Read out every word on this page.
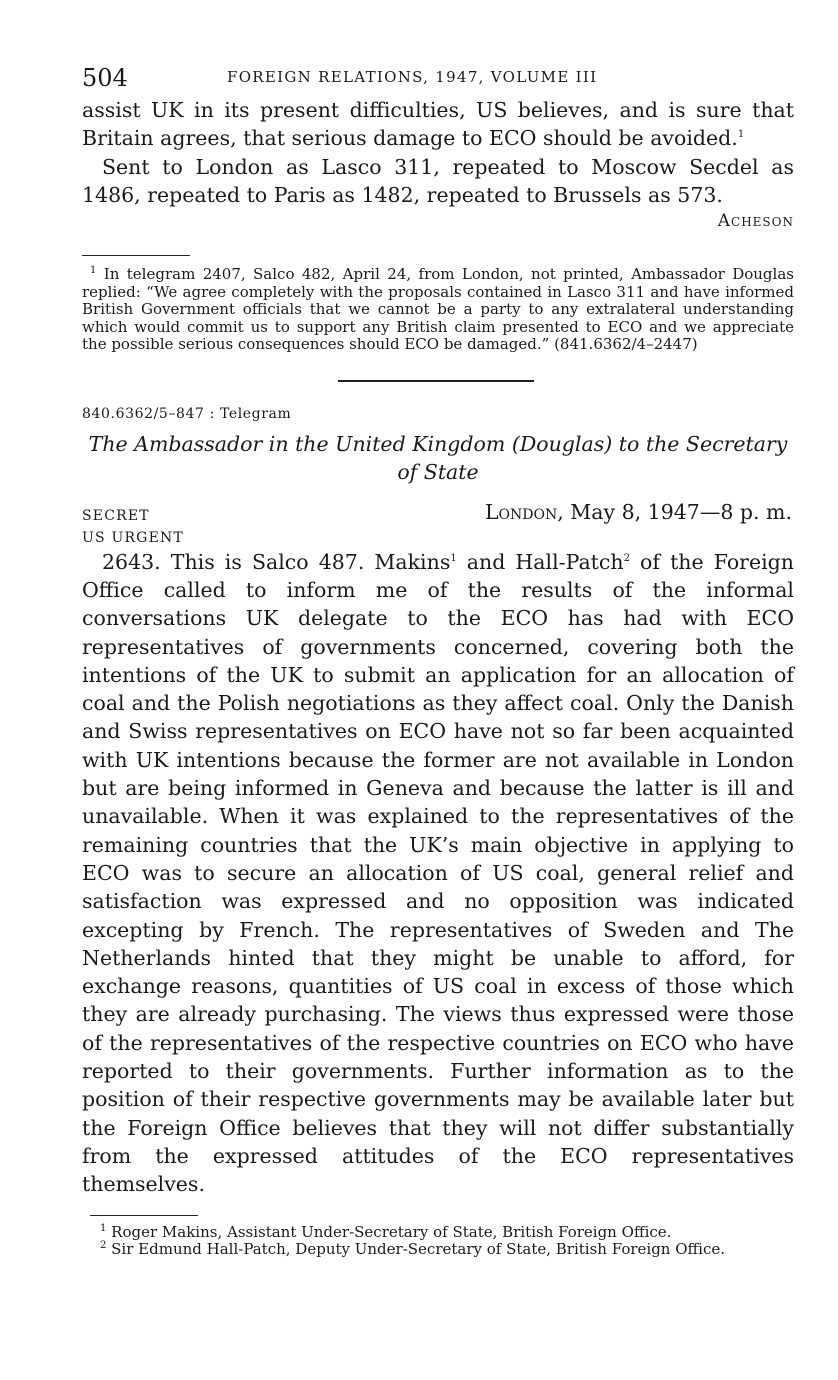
504	FOREIGN RELATIONS, 1947, VOLUME III

assist UK in its present difficulties, US believes, and is sure that Britain agrees, that serious damage to ECO should be avoided.$^1$

Sent to London as Lasco 311, repeated to Moscow Secdel as 1486, repeated to Paris as 1482, repeated to Brussels as 573.

Acheson

$^1$ In telegram 2407, Salco 482, April 24, from London, not printed, Ambassador Douglas replied: “We agree completely with the proposals contained in Lasco 311 and have informed British Government officials that we cannot be a party to any extralateral understanding which would commit us to support any British claim presented to ECO and we appreciate the possible serious consequences should ECO be damaged.” (841.6362/4–2447)

840.6362/5–847 : Telegram

The Ambassador in the United Kingdom (Douglas) to the Secretary of State

SECRET	London, May 8, 1947—8 p. m.

US URGENT

2643. This is Salco 487. Makins$^1$ and Hall-Patch$^2$ of the Foreign Office called to inform me of the results of the informal conversations UK delegate to the ECO has had with ECO representatives of governments concerned, covering both the intentions of the UK to submit an application for an allocation of coal and the Polish negotiations as they affect coal. Only the Danish and Swiss representatives on ECO have not so far been acquainted with UK intentions because the former are not available in London but are being informed in Geneva and because the latter is ill and unavailable. When it was explained to the representatives of the remaining countries that the UK’s main objective in applying to ECO was to secure an allocation of US coal, general relief and satisfaction was expressed and no opposition was indicated excepting by French. The representatives of Sweden and The Netherlands hinted that they might be unable to afford, for exchange reasons, quantities of US coal in excess of those which they are already purchasing. The views thus expressed were those of the representatives of the respective countries on ECO who have reported to their governments. Further information as to the position of their respective governments may be available later but the Foreign Office believes that they will not differ substantially from the expressed attitudes of the ECO representatives themselves.

$^1$ Roger Makins, Assistant Under-Secretary of State, British Foreign Office.

$^2$ Sir Edmund Hall-Patch, Deputy Under-Secretary of State, British Foreign Office.
